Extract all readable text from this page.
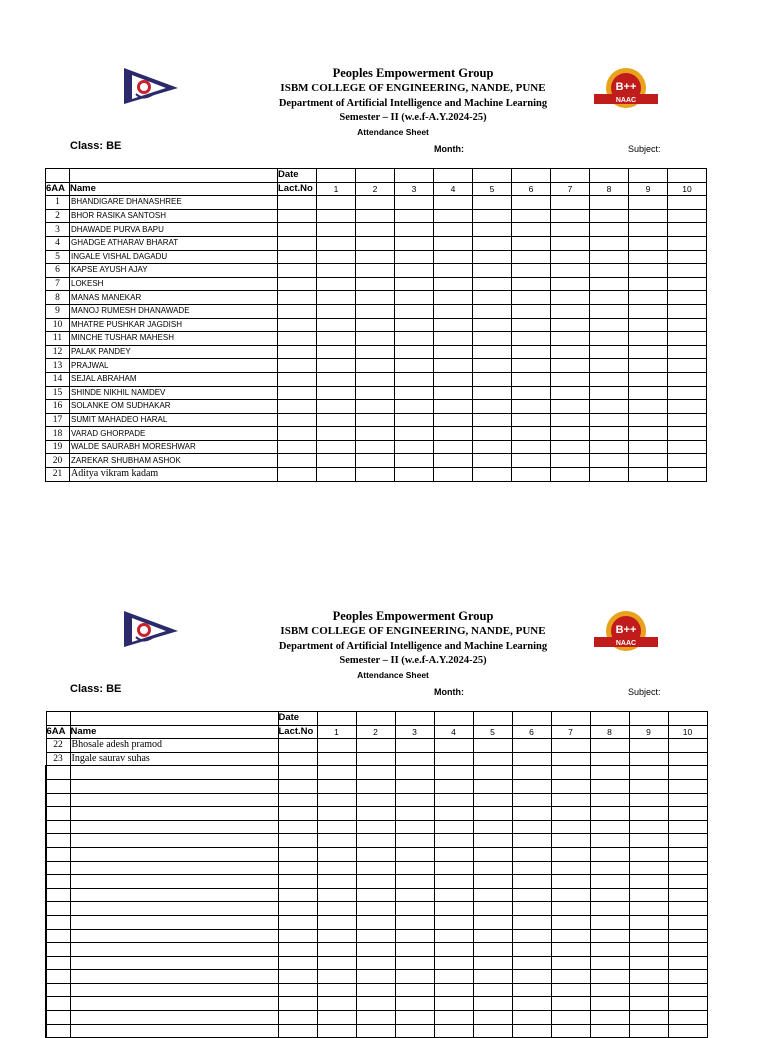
B++
NAAC
Peoples Empowerment Group
ISBM COLLEGE OF ENGINEERING, NANDE, PUNE
Department of Artificial Intelligence and Machine Learning
Semester – II (w.e.f-A.Y.2024-25)
Attendance Sheet
Class: BE	Month:	Subject:
		Date										
6AA	Name	Lact.No	1	2	3	4	5	6	7	8	9	10
1	BHANDIGARE DHANASHREE											
2	BHOR RASIKA SANTOSH											
3	DHAWADE PURVA BAPU											
4	GHADGE ATHARAV BHARAT											
5	INGALE VISHAL DAGADU											
6	KAPSE AYUSH AJAY											
7	LOKESH											
8	MANAS MANEKAR											
9	MANOJ RUMESH DHANAWADE											
10	MHATRE PUSHKAR JAGDISH											
11	MINCHE TUSHAR MAHESH											
12	PALAK PANDEY											
13	PRAJWAL											
14	SEJAL ABRAHAM											
15	SHINDE NIKHIL NAMDEV											
16	SOLANKE OM SUDHAKAR											
17	SUMIT MAHADEO HARAL											
18	VARAD GHORPADE											
19	WALDE SAURABH MORESHWAR											
20	ZAREKAR SHUBHAM ASHOK											
21	Aditya vikram kadam											
B++
NAAC
Peoples Empowerment Group
ISBM COLLEGE OF ENGINEERING, NANDE, PUNE
Department of Artificial Intelligence and Machine Learning
Semester – II (w.e.f-A.Y.2024-25)
Attendance Sheet
Class: BE	Month:	Subject:
		Date										
6AA	Name	Lact.No	1	2	3	4	5	6	7	8	9	10
22	Bhosale adesh pramod											
23	Ingale saurav suhas											
